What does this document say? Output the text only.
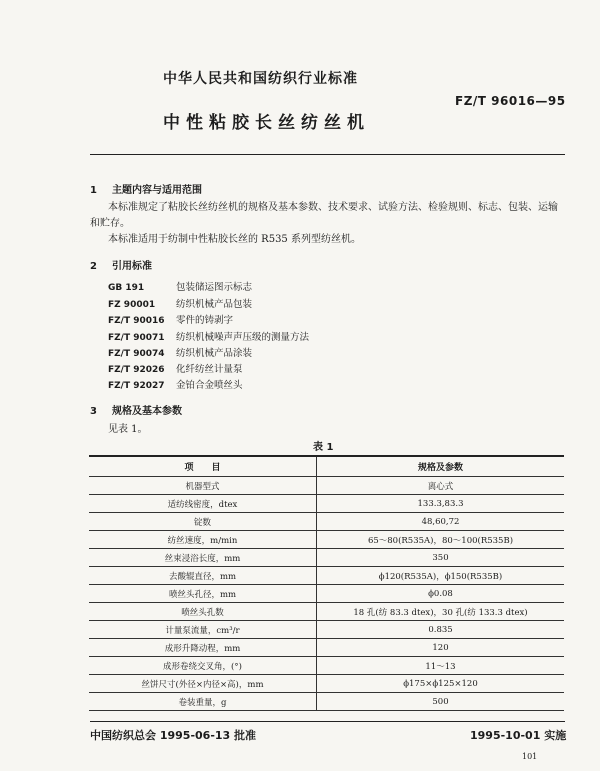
中华人民共和国纺织行业标准
FZ/T 96016—95
中性粘胶长丝纺丝机
1 主题内容与适用范围
本标准规定了粘胶长丝纺丝机的规格及基本参数、技术要求、试验方法、检验规则、标志、包装、运输
和贮存。
本标准适用于纺制中性粘胶长丝的 R535 系列型纺丝机。
2 引用标准
GB 191	包装储运图示标志
FZ 90001 纺织机械产品包装
FZ/T 90016 零件的铸剥字
FZ/T 90071 纺织机械噪声声压级的测量方法
FZ/T 90074 纺织机械产品涂装
FZ/T 92026 化纤纺丝计量泵
FZ/T 92027 金铂合金喷丝头
3 规格及基本参数
见表 1。
表 1
项　　目	规格及参数
机器型式	离心式
适纺线密度，dtex	133.3,83.3
锭数	48,60,72
纺丝速度，m/min	65～80(R535A)，80～100(R535B)
丝束浸浴长度，mm	350
去酸辊直径，mm	ϕ120(R535A)，ϕ150(R535B)
喷丝头孔径，mm	ϕ0.08
喷丝头孔数	18 孔(纺 83.3 dtex)，30 孔(纺 133.3 dtex)
计量泵流量，cm³/r	0.835
成形升降动程，mm	120
成形卷绕交叉角，(°)	11～13
丝饼尺寸(外径×内径×高)，mm	ϕ175×ϕ125×120
卷装重量，g	500
中国纺织总会 1995-06-13 批准	1995-10-01 实施
101
